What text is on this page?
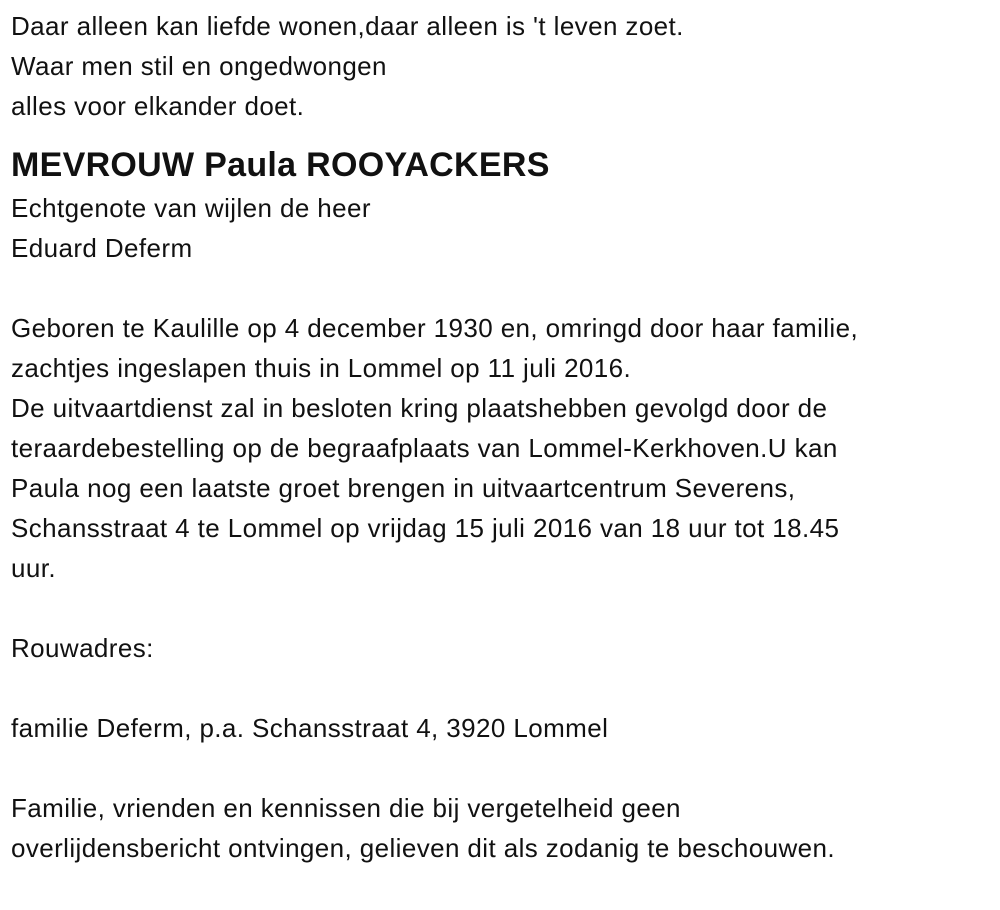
Daar alleen kan liefde wonen,daar alleen is 't leven zoet.
Waar men stil en ongedwongen
alles voor elkander doet.
MEVROUW Paula ROOYACKERS
Echtgenote van wijlen de heer
Eduard Deferm
Geboren te Kaulille op 4 december 1930 en, omringd door haar familie,
zachtjes ingeslapen thuis in Lommel op 11 juli 2016.
De uitvaartdienst zal in besloten kring plaatshebben gevolgd door de
teraardebestelling op de begraafplaats van Lommel-Kerkhoven.U kan
Paula nog een laatste groet brengen in uitvaartcentrum Severens,
Schansstraat 4 te Lommel op vrijdag 15 juli 2016 van 18 uur tot 18.45
uur.
Rouwadres:
familie Deferm, p.a. Schansstraat 4, 3920 Lommel
Familie, vrienden en kennissen die bij vergetelheid geen
overlijdensbericht ontvingen, gelieven dit als zodanig te beschouwen.
